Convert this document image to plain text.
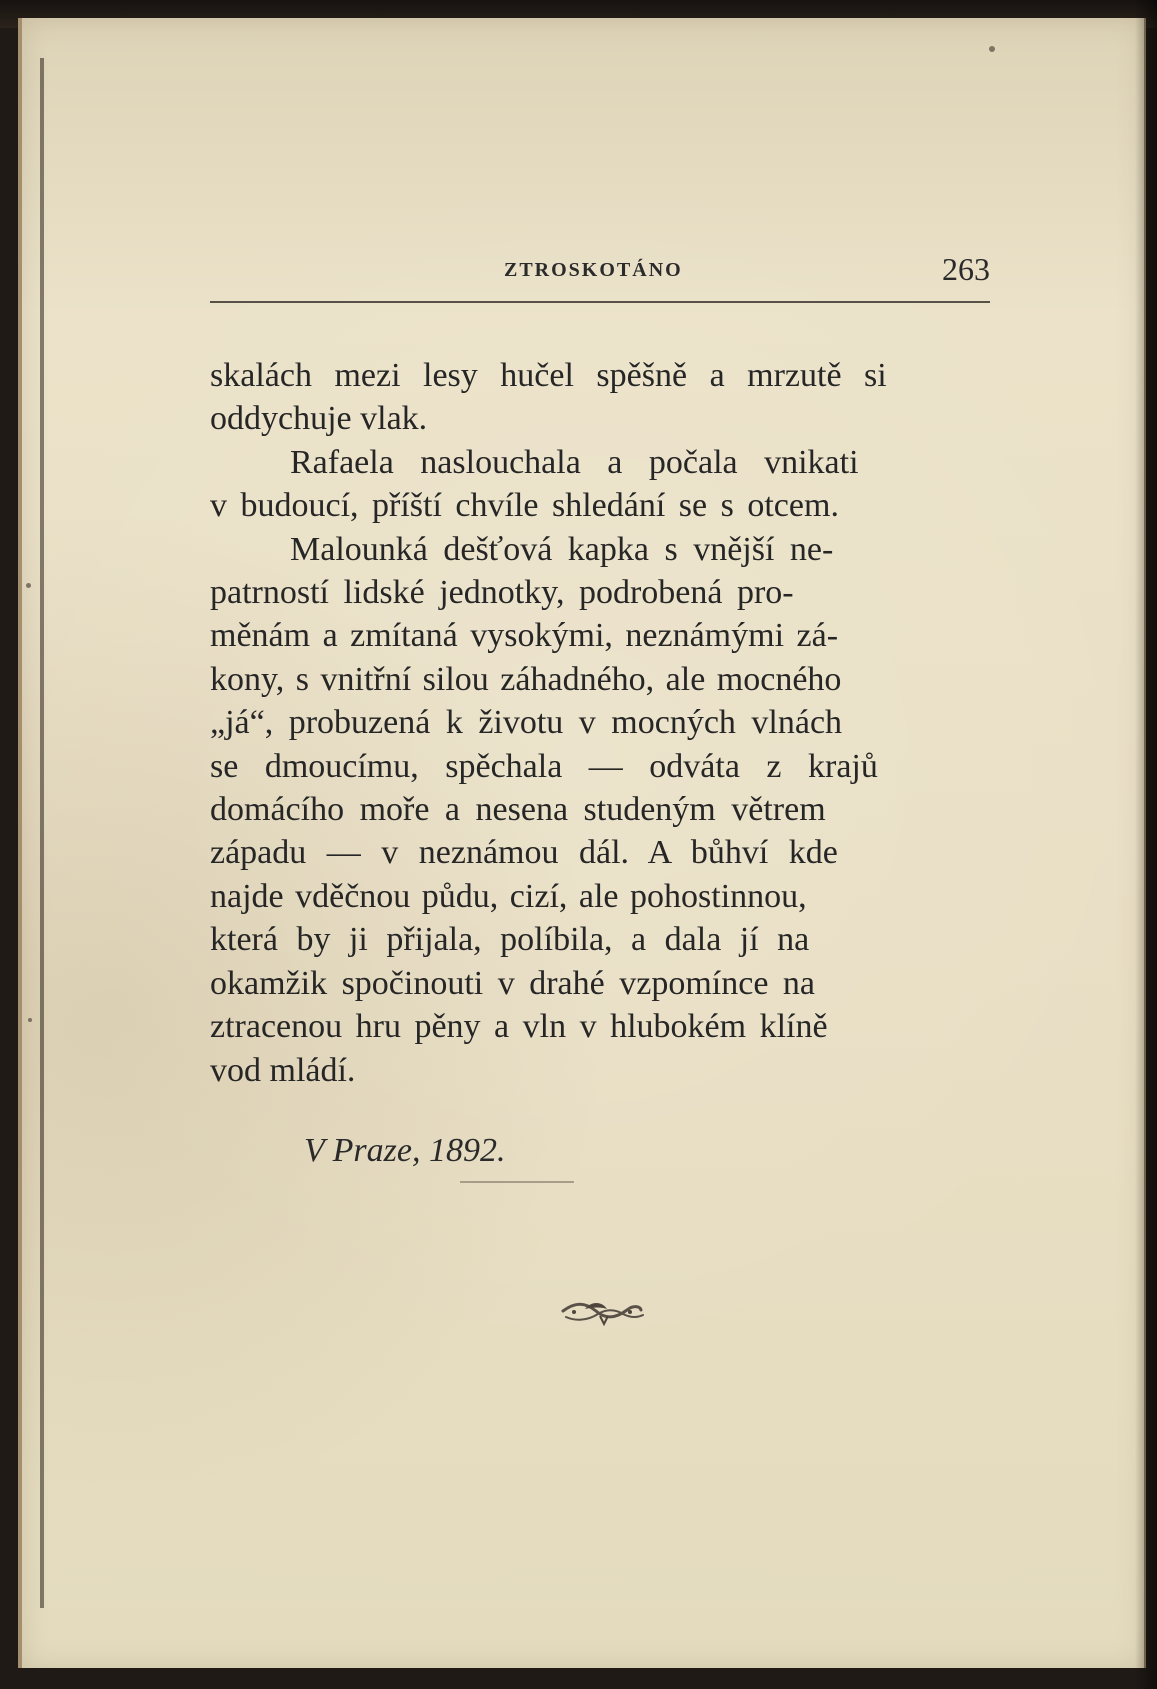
ZTROSKOTÁNO	263
skalách mezi lesy hučel spěšně a mrzutě si
oddychuje vlak.
Rafaela naslouchala a počala vnikati
v budoucí, příští chvíle shledání se s otcem.
Malounká dešťová kapka s vnější ne-
patrností lidské jednotky, podrobená pro-
měnám a zmítaná vysokými, neznámými zá-
kony, s vnitřní silou záhadného, ale mocného
„já“, probuzená k životu v mocných vlnách
se dmoucímu, spěchala — odváta z krajů
domácího moře a nesena studeným větrem
západu — v neznámou dál. A bůhví kde
najde vděčnou půdu, cizí, ale pohostinnou,
která by ji přijala, políbila, a dala jí na
okamžik spočinouti v drahé vzpomínce na
ztracenou hru pěny a vln v hlubokém klíně
vod mládí.
V Praze, 1892.
